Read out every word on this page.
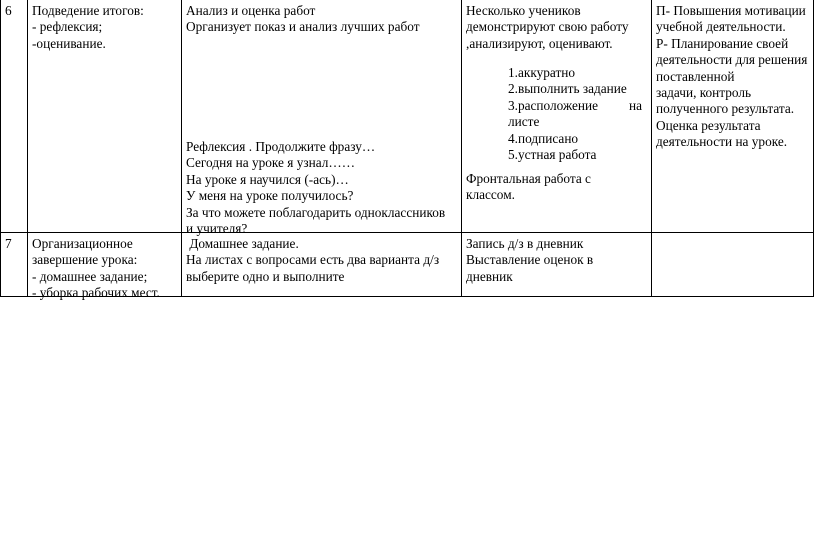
6	Подведение итогов:
- рефлексия;
-оценивание.
Анализ и оценка работ
Организует показ и анализ лучших работ
Рефлексия . Продолжите фразу…
Сегодня на уроке я узнал……
На уроке я научился (-ась)…
У меня на уроке получилось?
За что можете поблагодарить одноклассников
и учителя?
Несколько учеников
демонстрируют свою работу
,анализируют, оценивают.
1.аккуратно
2.выполнить задание
3.расположение на
листе
4.подписано
5.устная работа
Фронтальная работа с
классом.
П- Повышения мотивации
учебной деятельности.
Р- Планирование своей
деятельности для решения
поставленной
задачи, контроль
полученного результата.
Оценка результата
деятельности на уроке.
7	Организационное
завершение урока:
- домашнее задание;
- уборка рабочих мест.
Домашнее задание.
На листах с вопросами есть два варианта д/з
выберите одно и выполните
Запись д/з в дневник
Выставление оценок в
дневник
